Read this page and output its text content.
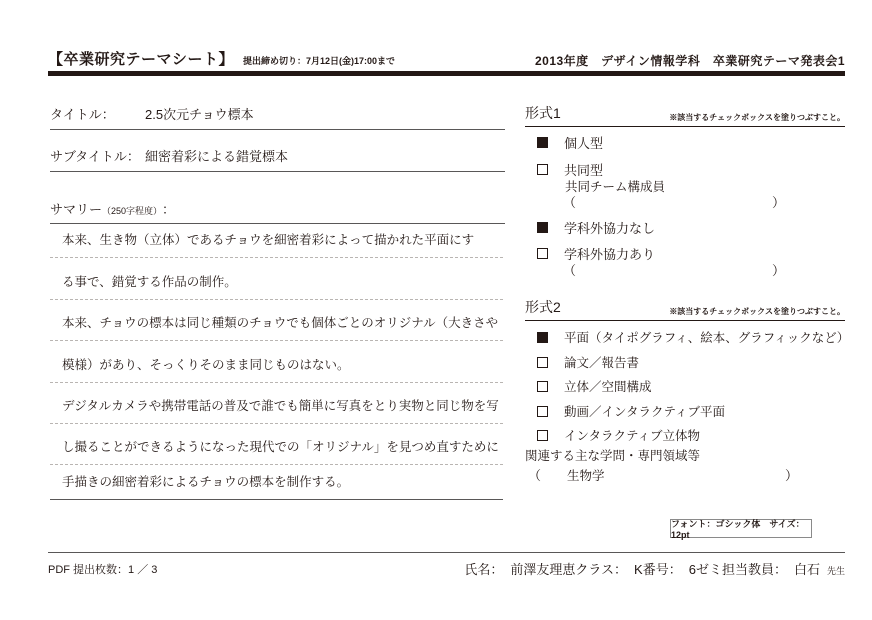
【卒業研究テーマシート】 提出締め切り：7月12日(金)17:00まで	2013年度　デザイン情報学科　卒業研究テーマ発表会1
タイトル：	2.5次元チョウ標本
サブタイトル： 細密着彩による錯覚標本
サマリー （250字程度） ：
本来、生き物（立体）であるチョウを細密着彩によって描かれた平面にす
る事で、錯覚する作品の制作。
本来、チョウの標本は同じ種類のチョウでも個体ごとのオリジナル（大きさや
模様）があり、そっくりそのまま同じものはない。
デジタルカメラや携帯電話の普及で誰でも簡単に写真をとり実物と同じ物を写
し撮ることができるようになった現代での「オリジナル」を見つめ直すために
手描きの細密着彩によるチョウの標本を制作する。
形式1	※該当するチェックボックスを塗りつぶすこと。
個人型
共同型
共同チーム構成員
（	）
学科外協力なし
学科外協力あり
（	）
形式2	※該当するチェックボックスを塗りつぶすこと。
平面（タイポグラフィ、絵本、グラフィックなど）
論文／報告書
立体／空間構成
動画／インタラクティブ平面
インタラクティブ立体物
関連する主な学問・専門領域等
（ 生物学	）
フォント：ゴシック体　サイズ：12pt
PDF 提出枚数：1 ／ 3	氏名： 前澤友理恵 クラス： K 番号： 6 ゼミ担当教員： 白石 先生
